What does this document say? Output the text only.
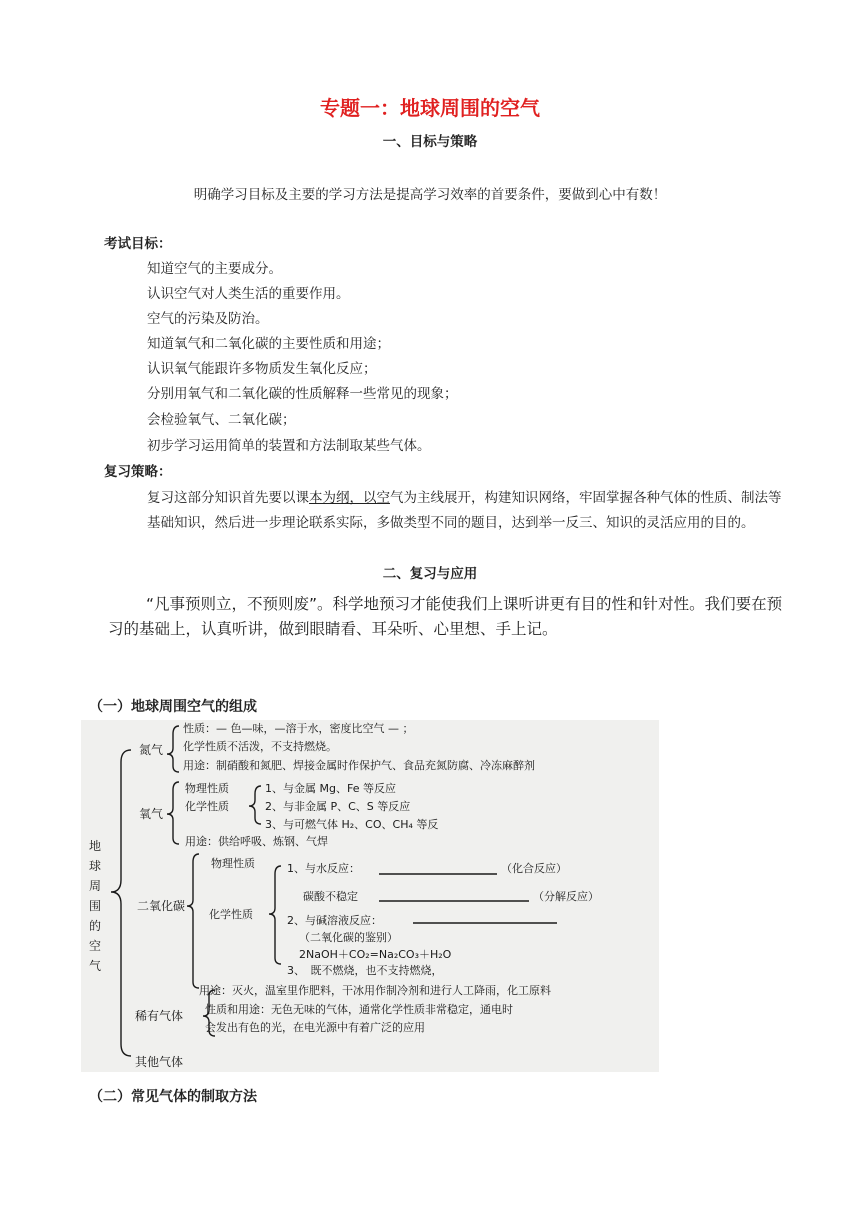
专题一：地球周围的空气
一、目标与策略
明确学习目标及主要的学习方法是提高学习效率的首要条件，要做到心中有数！
考试目标：
知道空气的主要成分。
认识空气对人类生活的重要作用。
空气的污染及防治。
知道氧气和二氧化碳的主要性质和用途；
认识氧气能跟许多物质发生氧化反应；
分别用氧气和二氧化碳的性质解释一些常见的现象；
会检验氧气、二氧化碳；
初步学习运用简单的装置和方法制取某些气体。
复习策略：
复习这部分知识首先要以课本为纲，以空气为主线展开，构建知识网络，牢固掌握各种气体的性质、制法等基础知识，然后进一步理论联系实际，多做类型不同的题目，达到举一反三、知识的灵活应用的目的。
二、复习与应用
“凡事预则立，不预则废”。科学地预习才能使我们上课听讲更有目的性和针对性。我们要在预习的基础上，认真听讲，做到眼睛看、耳朵听、心里想、手上记。
（一）地球周围空气的组成
地
球
周
围
的
空
气
氮气
性质：— 色—味，—溶于水，密度比空气 — ；
化学性质不活泼，不支持燃烧。
用途：制硝酸和氮肥、焊接金属时作保护气、食品充氮防腐、冷冻麻醉剂
氧气
物理性质
化学性质
1、与金属 Mg、Fe 等反应
2、与非金属 P、C、S 等反应
3、与可燃气体 H₂、CO、CH₄ 等反
用途：供给呼吸、炼钢、气焊
二氧化碳
物理性质
化学性质
1、与水反应：	（化合反应）
碳酸不稳定	（分解反应）
2、与碱溶液反应：
（二氧化碳的鉴别）
2NaOH＋CO₂=Na₂CO₃＋H₂O
3、　既不燃烧，也不支持燃烧，
用途：灭火，温室里作肥料，干冰用作制冷剂和进行人工降雨，化工原料
稀有气体 性质和用途：无色无味的气体，通常化学性质非常稳定，通电时
会发出有色的光，在电光源中有着广泛的应用
其他气体
（二）常见气体的制取方法
